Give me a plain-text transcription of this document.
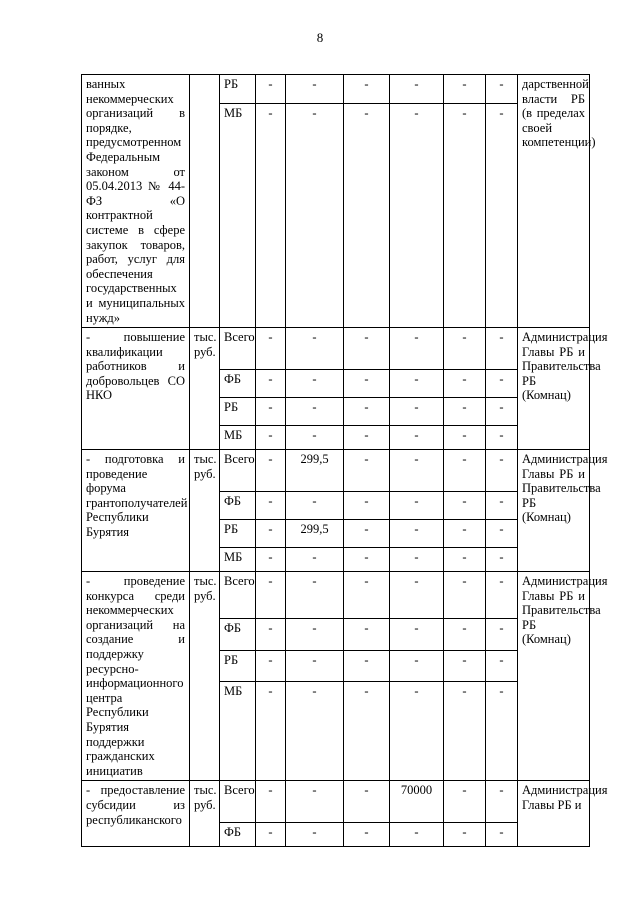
8
ванных некоммерческих организаций в порядке, предусмотренном Федеральным законом от 05.04.2013 № 44-ФЗ «О контрактной системе в сфере закупок товаров, работ, услуг для обеспечения государственных и муниципальных нужд»		РБ	-	-	-	-	-	-	дарственной власти РБ (в пределах своей компетенции)
		МБ	-	-	-	-	-	-	
- повышение квалификации работников и добровольцев СО НКО	тыс. руб.	Всего	-	-	-	-	-	-	Администрация Главы РБ и Правительства РБ (Комнац)
		ФБ	-	-	-	-	-	-	
		РБ	-	-	-	-	-	-	
		МБ	-	-	-	-	-	-	
- подготовка и проведение форума грантополучателей Республики Бурятия	тыс. руб.	Всего	-	299,5	-	-	-	-	Администрация Главы РБ и Правительства РБ (Комнац)
		ФБ	-	-	-	-	-	-	
		РБ	-	299,5	-	-	-	-	
		МБ	-	-	-	-	-	-	
- проведение конкурса среди некоммерческих организаций на создание и поддержку ресурсно-информационного центра Республики Бурятия поддержки гражданских инициатив	тыс. руб.	Всего	-	-	-	-	-	-	Администрация Главы РБ и Правительства РБ (Комнац)
		ФБ	-	-	-	-	-	-	
		РБ	-	-	-	-	-	-	
		МБ	-	-	-	-	-	-	
- предоставление субсидии из республиканского	тыс. руб.	Всего	-	-	-	70000	-	-	Администрация Главы РБ и
		ФБ	-	-	-	-	-	-	
